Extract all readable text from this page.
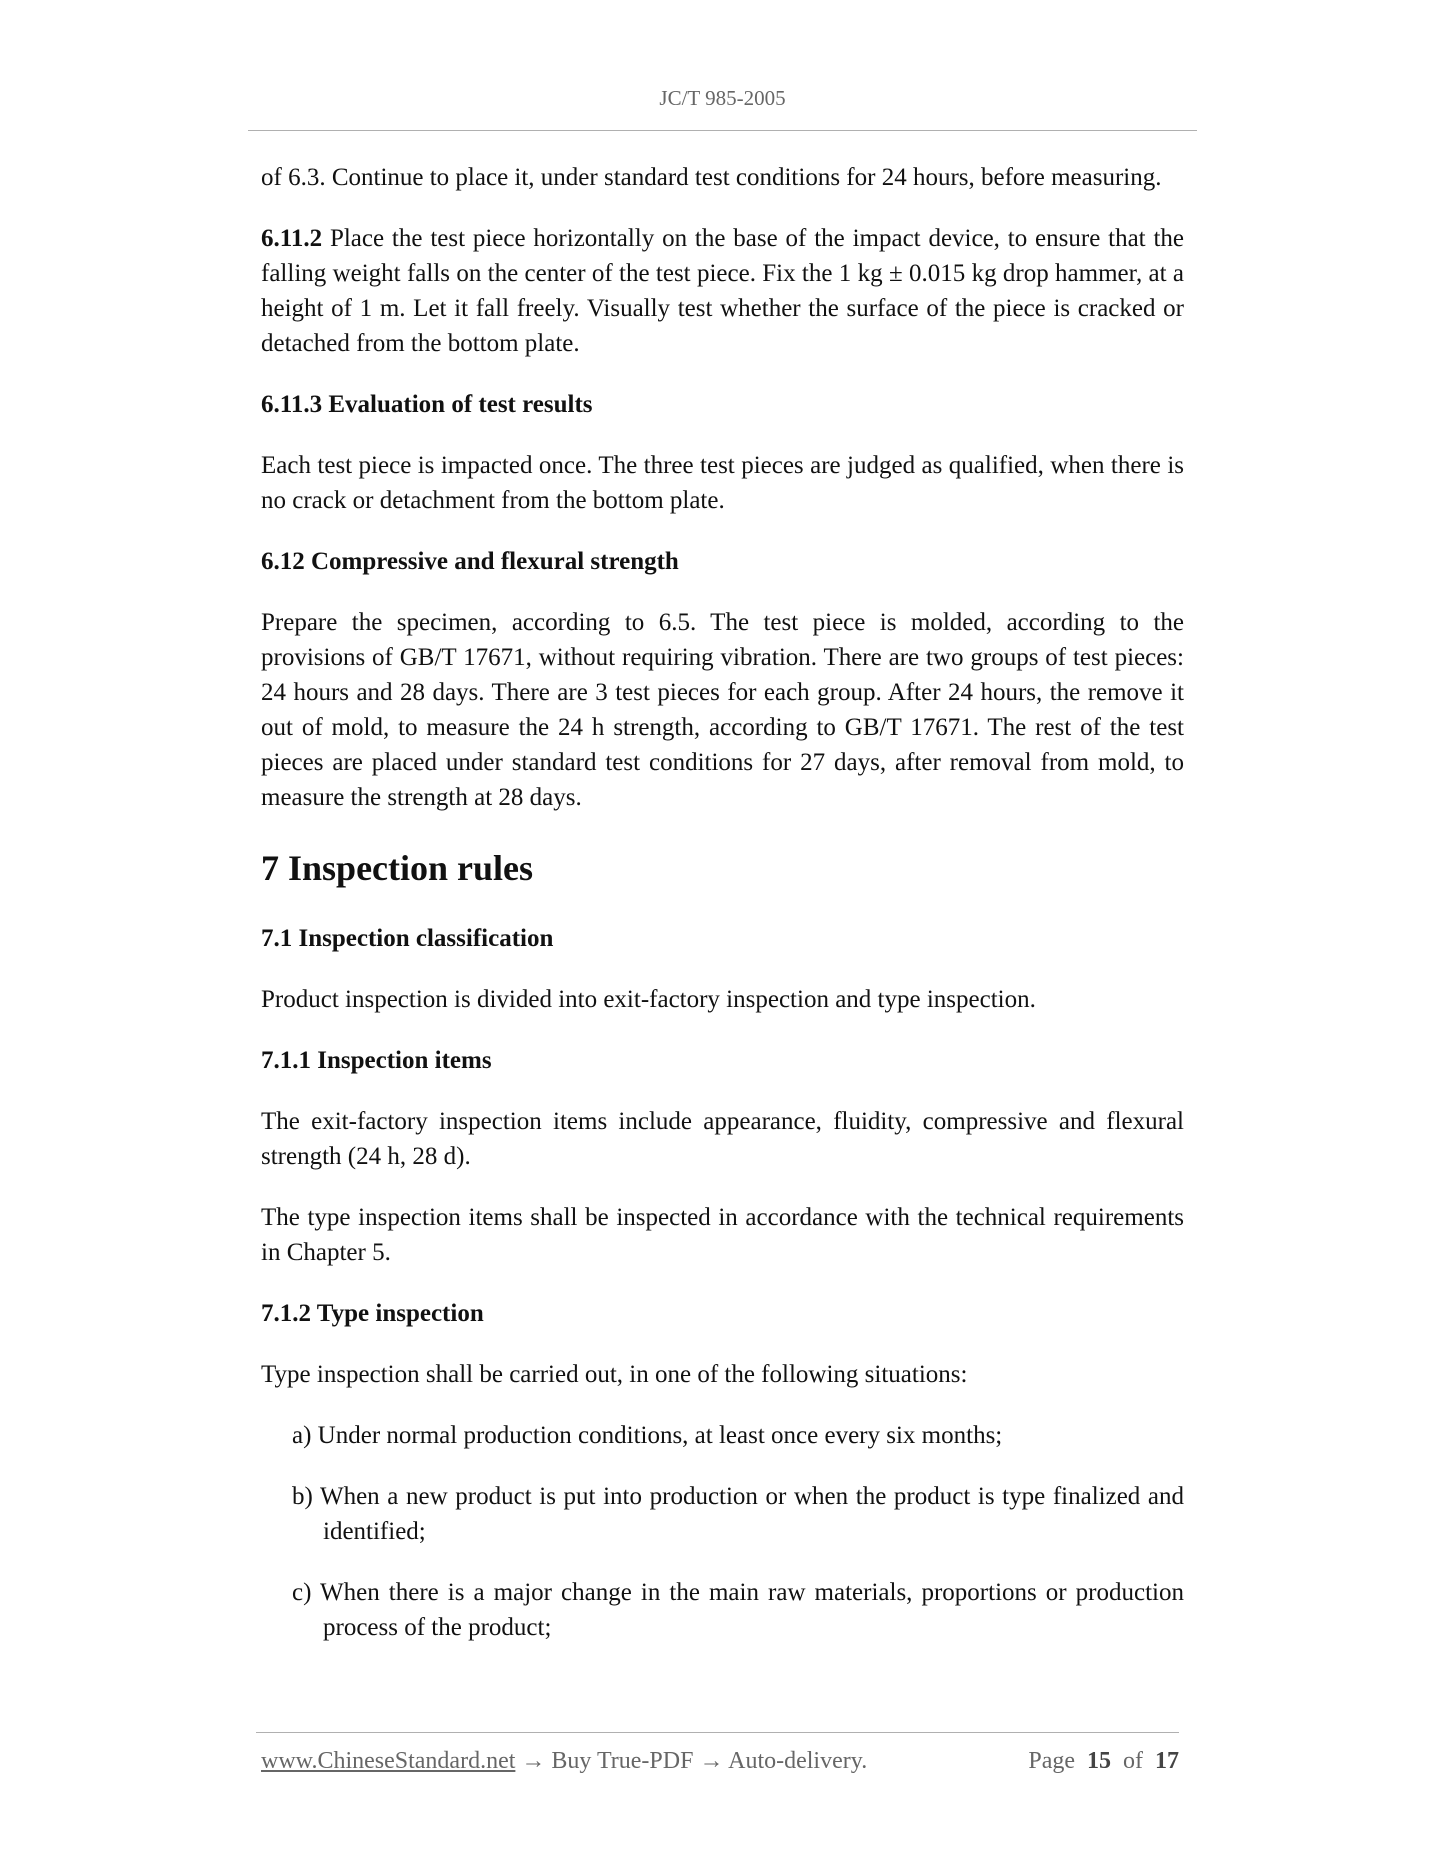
JC/T 985-2005

of 6.3. Continue to place it, under standard test conditions for 24 hours, before measuring.

6.11.2 Place the test piece horizontally on the base of the impact device, to ensure that the falling weight falls on the center of the test piece. Fix the 1 kg ± 0.015 kg drop hammer, at a height of 1 m. Let it fall freely. Visually test whether the surface of the piece is cracked or detached from the bottom plate.

6.11.3 Evaluation of test results

Each test piece is impacted once. The three test pieces are judged as qualified, when there is no crack or detachment from the bottom plate.

6.12 Compressive and flexural strength

Prepare the specimen, according to 6.5. The test piece is molded, according to the provisions of GB/T 17671, without requiring vibration. There are two groups of test pieces: 24 hours and 28 days. There are 3 test pieces for each group. After 24 hours, the remove it out of mold, to measure the 24 h strength, according to GB/T 17671. The rest of the test pieces are placed under standard test conditions for 27 days, after removal from mold, to measure the strength at 28 days.

7 Inspection rules
7.1 Inspection classification

Product inspection is divided into exit-factory inspection and type inspection.

7.1.1 Inspection items

The exit-factory inspection items include appearance, fluidity, compressive and flexural strength (24 h, 28 d).

The type inspection items shall be inspected in accordance with the technical requirements in Chapter 5.

7.1.2 Type inspection

Type inspection shall be carried out, in one of the following situations:

a) Under normal production conditions, at least once every six months;
b) When a new product is put into production or when the product is type finalized and identified;
c) When there is a major change in the main raw materials, proportions or production process of the product;
www.ChineseStandard.net → Buy True-PDF → Auto-delivery.	Page 15 of 17
